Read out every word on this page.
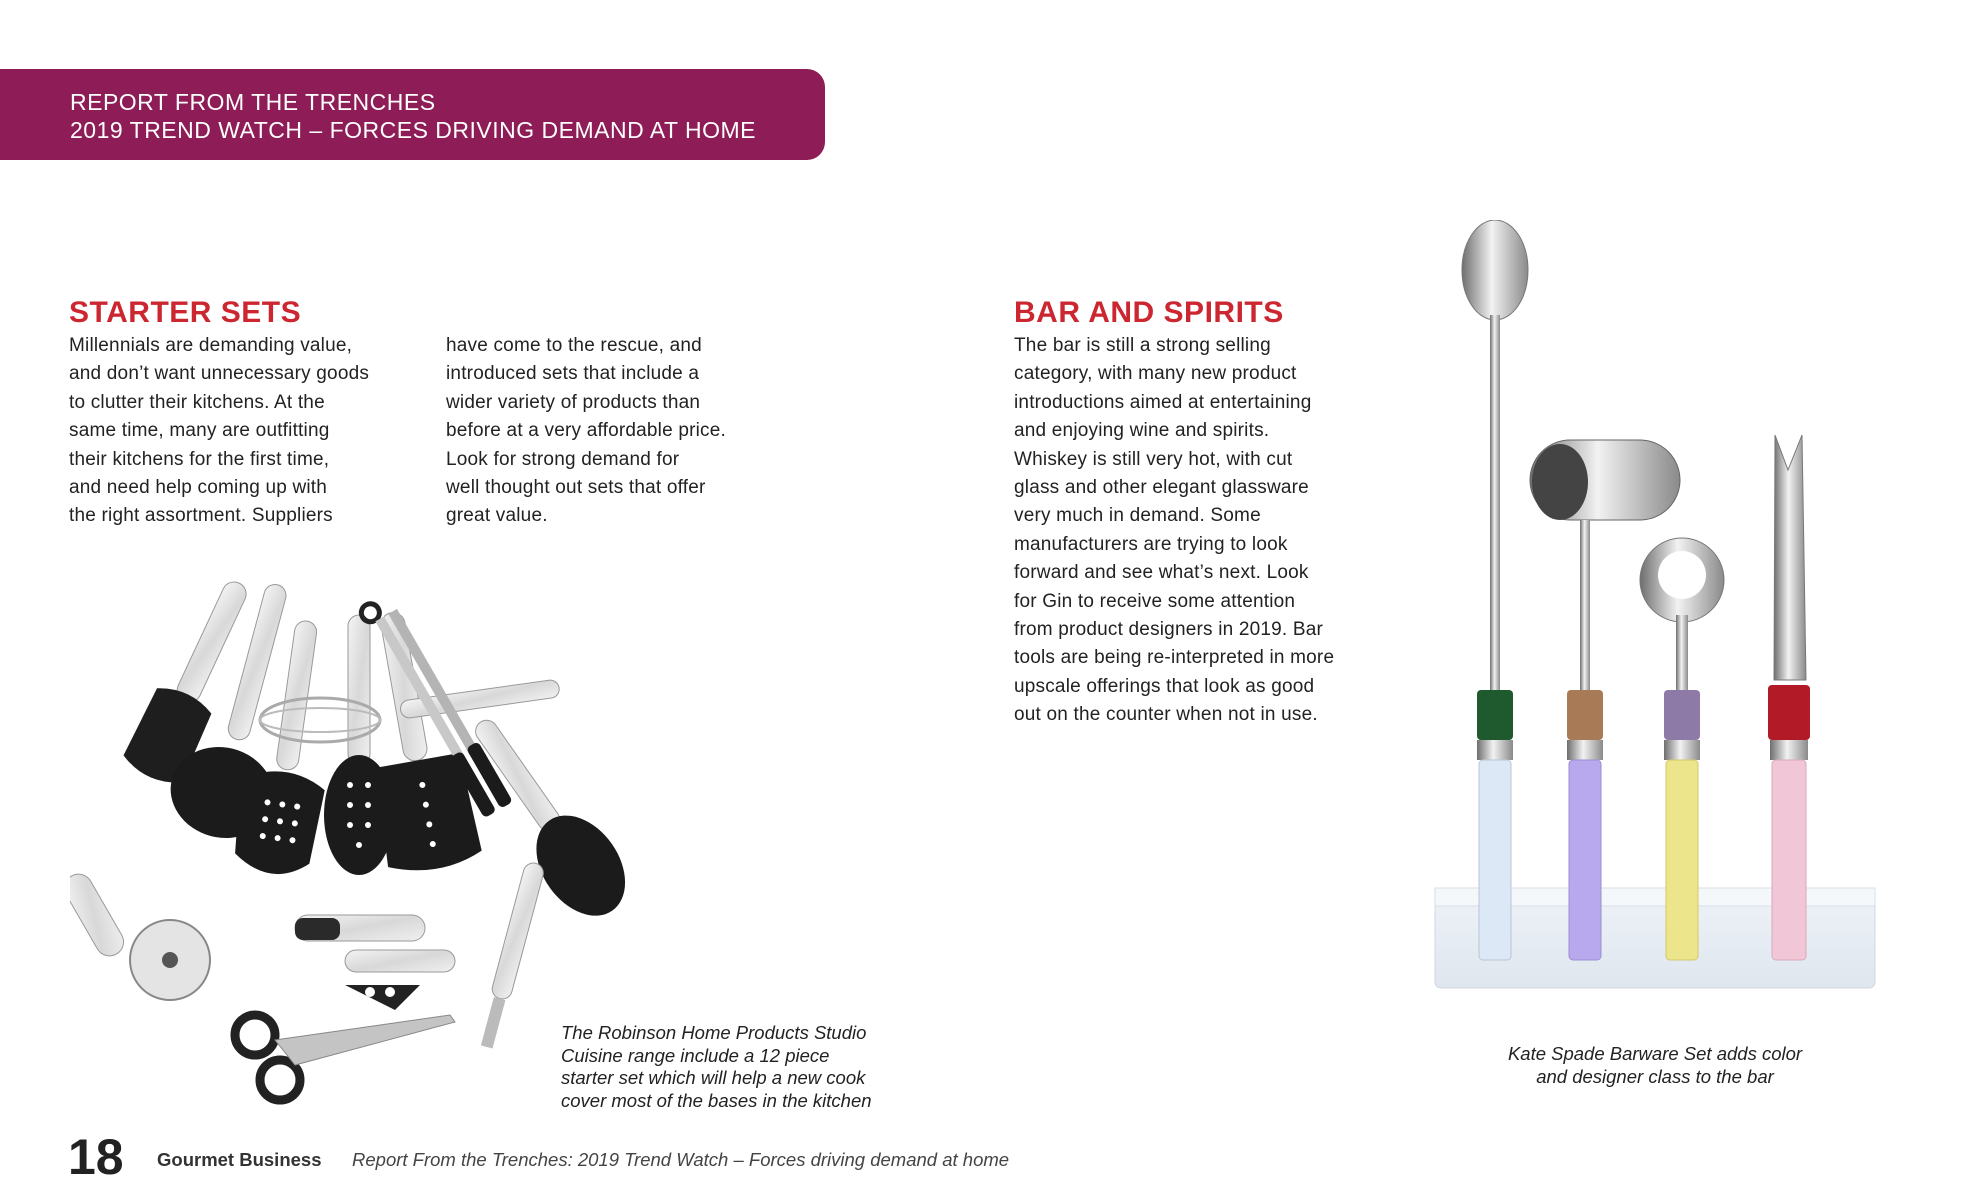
REPORT FROM THE TRENCHES
2019 TREND WATCH – FORCES DRIVING DEMAND AT HOME
STARTER SETS
Millennials are demanding value,
and don’t want unnecessary goods
to clutter their kitchens. At the
same time, many are outfitting
their kitchens for the first time,
and need help coming up with
the right assortment. Suppliers
have come to the rescue, and
introduced sets that include a
wider variety of products than
before at a very affordable price.
Look for strong demand for
well thought out sets that offer
great value.
The Robinson Home Products Studio
Cuisine range include a 12 piece
starter set which will help a new cook
cover most of the bases in the kitchen
BAR AND SPIRITS
The bar is still a strong selling
category, with many new product
introductions aimed at entertaining
and enjoying wine and spirits.
Whiskey is still very hot, with cut
glass and other elegant glassware
very much in demand. Some
manufacturers are trying to look
forward and see what’s next. Look
for Gin to receive some attention
from product designers in 2019. Bar
tools are being re-interpreted in more
upscale offerings that look as good
out on the counter when not in use.
Kate Spade Barware Set adds color
and designer class to the bar
18 Gourmet Business Report From the Trenches: 2019 Trend Watch – Forces driving demand at home
